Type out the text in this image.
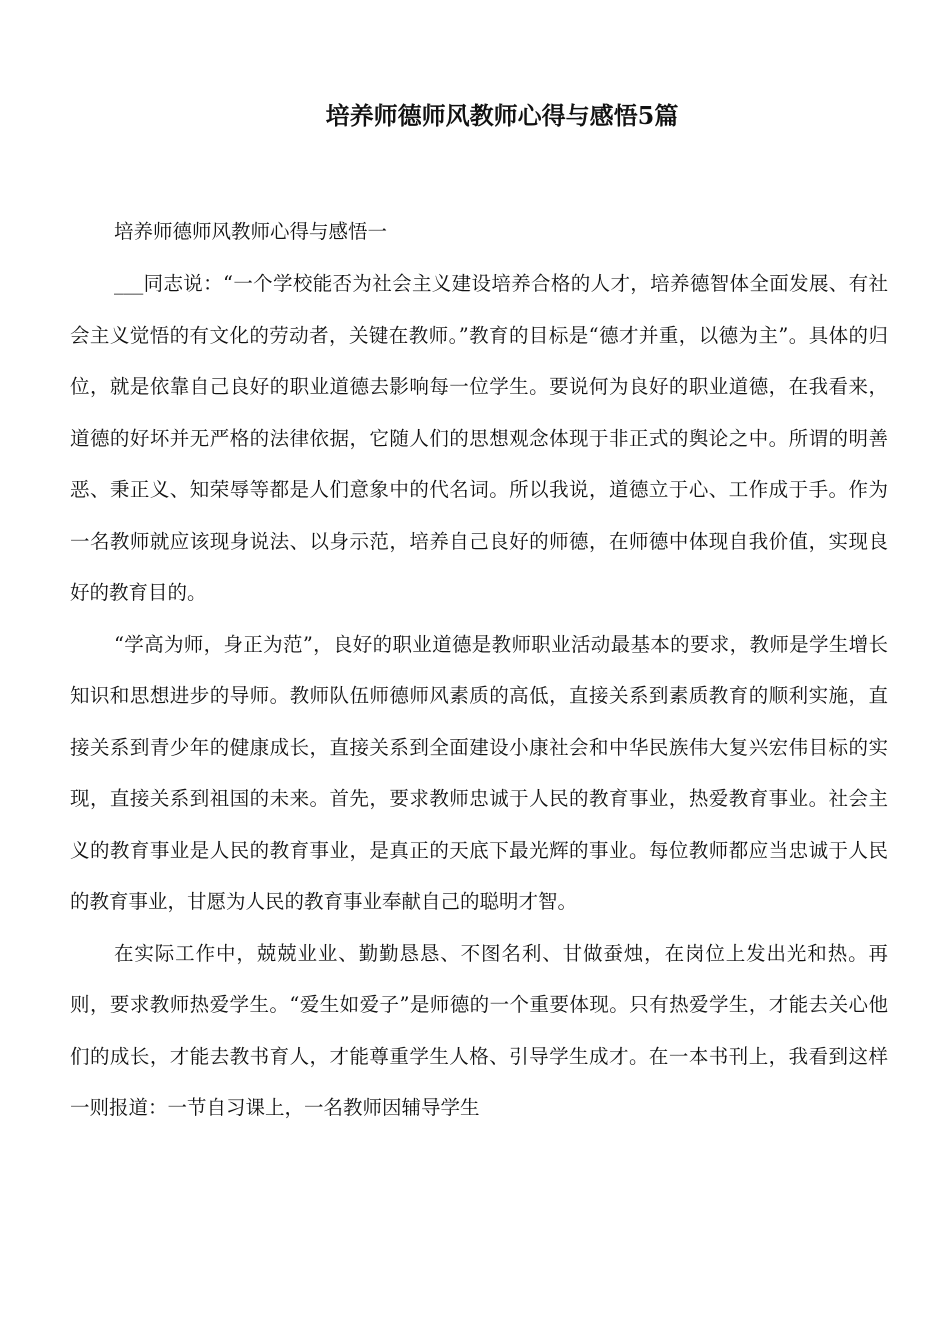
培养师德师风教师心得与感悟5篇

培养师德师风教师心得与感悟一

___同志说：“一个学校能否为社会主义建设培养合格的人才，培养德智体全面发展、有社会主义觉悟的有文化的劳动者，关键在教师。”教育的目标是“德才并重，以德为主”。具体的归位，就是依靠自己良好的职业道德去影响每一位学生。要说何为良好的职业道德，在我看来，道德的好坏并无严格的法律依据，它随人们的思想观念体现于非正式的舆论之中。所谓的明善恶、秉正义、知荣辱等都是人们意象中的代名词。所以我说，道德立于心、工作成于手。作为一名教师就应该现身说法、以身示范，培养自己良好的师德，在师德中体现自我价值，实现良好的教育目的。

“学高为师，身正为范”，良好的职业道德是教师职业活动最基本的要求，教师是学生增长知识和思想进步的导师。教师队伍师德师风素质的高低，直接关系到素质教育的顺利实施，直接关系到青少年的健康成长，直接关系到全面建设小康社会和中华民族伟大复兴宏伟目标的实现，直接关系到祖国的未来。首先，要求教师忠诚于人民的教育事业，热爱教育事业。社会主义的教育事业是人民的教育事业，是真正的天底下最光辉的事业。每位教师都应当忠诚于人民的教育事业，甘愿为人民的教育事业奉献自己的聪明才智。

在实际工作中，兢兢业业、勤勤恳恳、不图名利、甘做蚕烛，在岗位上发出光和热。再则，要求教师热爱学生。“爱生如爱子”是师德的一个重要体现。只有热爱学生，才能去关心他们的成长，才能去教书育人，才能尊重学生人格、引导学生成才。在一本书刊上，我看到这样一则报道：一节自习课上，一名教师因辅导学生
